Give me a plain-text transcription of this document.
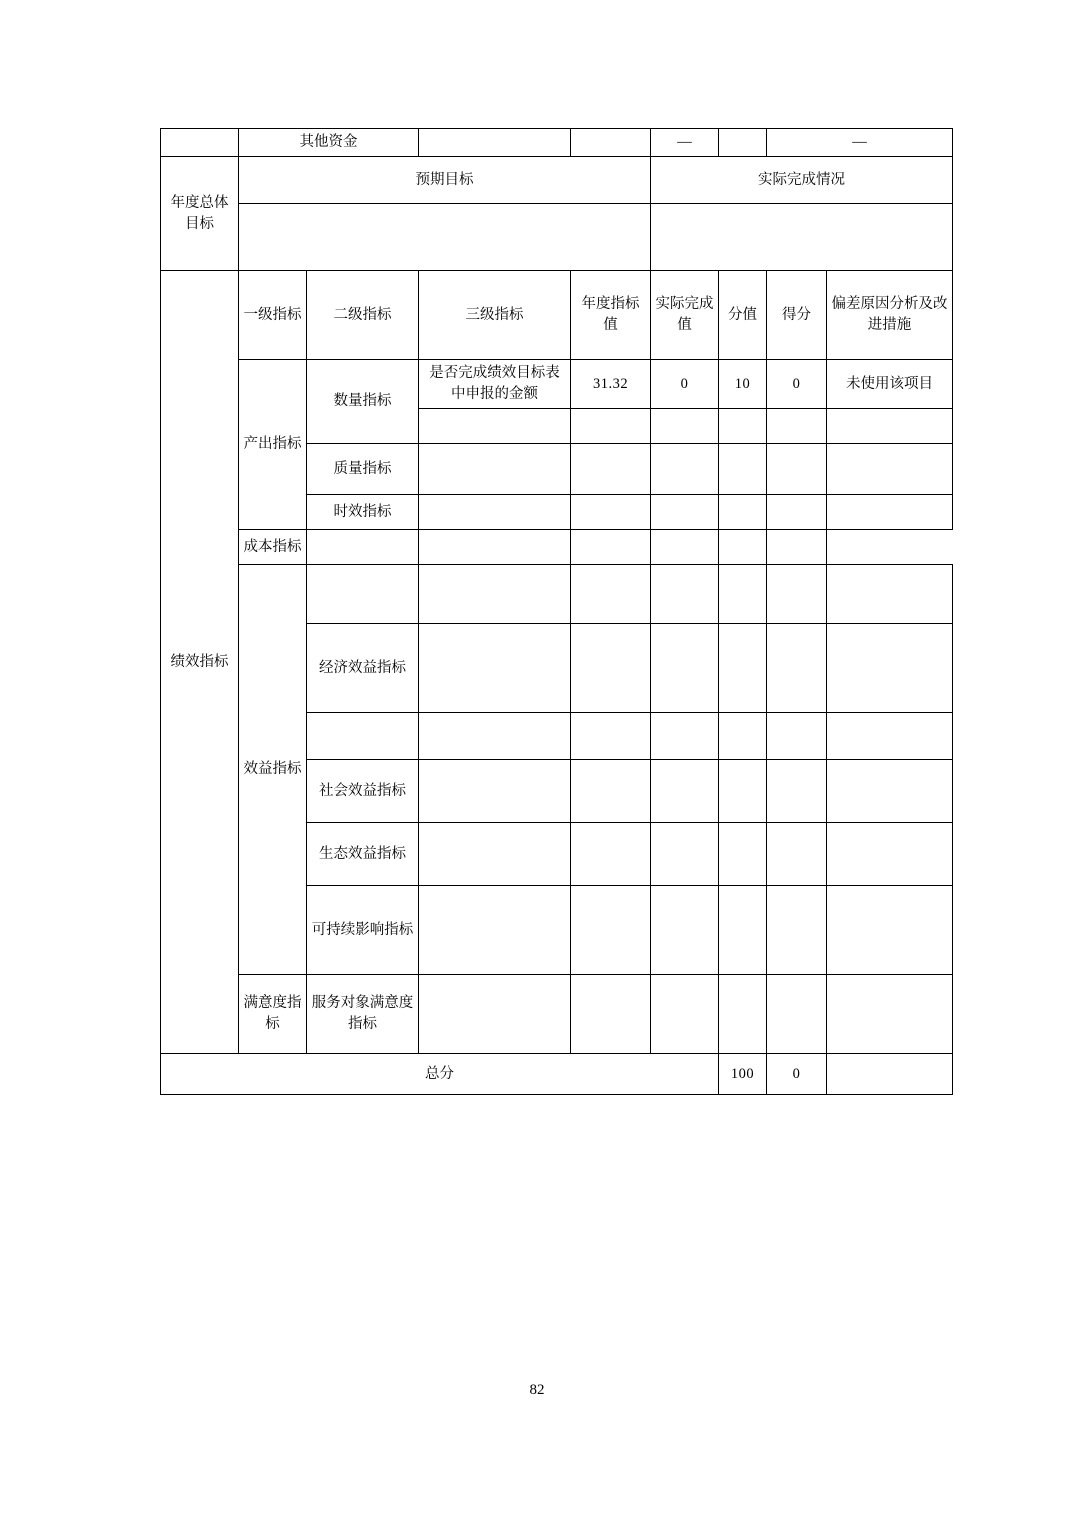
	其他资金				—		—	
年度总体目标	预期目标				实际完成情况			

绩效指标	一级指标	二级指标	三级指标	年度指标值	实际完成值	分值	得分	偏差原因分析及改进措施
	产出指标	数量指标	是否完成绩效目标表中申报的金额	31.32	0	10	0	未使用该项目

		质量指标						
		时效指标						
	成本指标							
	效益指标							
		经济效益指标						

		社会效益指标						
		生态效益指标						
		可持续影响指标						
	满意度指标	服务对象满意度指标						
总分						100	0	
82
